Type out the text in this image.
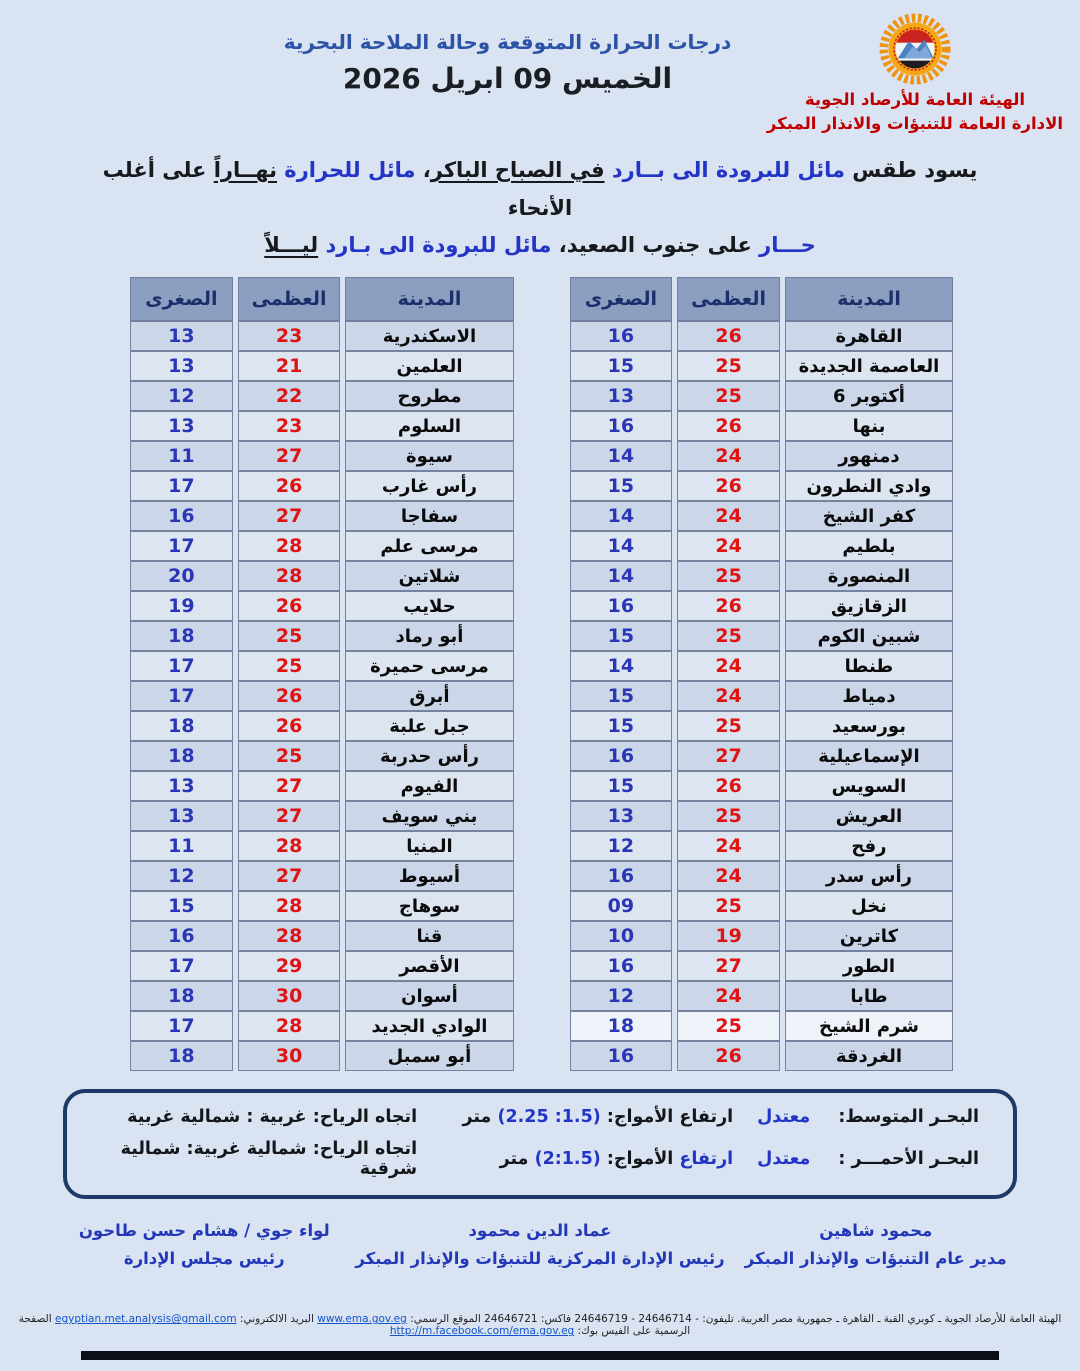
الهيئة العامة للأرصاد الجوية
الادارة العامة للتنبؤات والانذار المبكر
درجات الحرارة المتوقعة وحالة الملاحة البحرية
الخميس 09 ابريل 2026
يسود طقس مائل للبرودة الى بــارد في الصباح الباكر، مائل للحرارة نهــاراً على أغلب الأنحاء
حـــار على جنوب الصعيد، مائل للبرودة الى بـارد ليـــلاً
المدينة	العظمى	الصغرى
القاهرة	26	16
العاصمة الجديدة	25	15
6 أكتوبر	25	13
بنها	26	16
دمنهور	24	14
وادي النطرون	26	15
كفر الشيخ	24	14
بلطيم	24	14
المنصورة	25	14
الزقازيق	26	16
شبين الكوم	25	15
طنطا	24	14
دمياط	24	15
بورسعيد	25	15
الإسماعيلية	27	16
السويس	26	15
العريش	25	13
رفح	24	12
رأس سدر	24	16
نخل	25	09
كاترين	19	10
الطور	27	16
طابا	24	12
شرم الشيخ	25	18
الغردقة	26	16
المدينة	العظمى	الصغرى
الاسكندرية	23	13
العلمين	21	13
مطروح	22	12
السلوم	23	13
سيوة	27	11
رأس غارب	26	17
سفاجا	27	16
مرسى علم	28	17
شلاتين	28	20
حلايب	26	19
أبو رماد	25	18
مرسى حميرة	25	17
أبرق	26	17
جبل علبة	26	18
رأس حدربة	25	18
الفيوم	27	13
بني سويف	27	13
المنيا	28	11
أسيوط	27	12
سوهاج	28	15
قنا	28	16
الأقصر	29	17
أسوان	30	18
الوادي الجديد	28	17
أبو سمبل	30	18
البحـر المتوسط: معتدل
ارتفاع الأمواج: (1.5: 2.25) متر
اتجاه الرياح: غربية : شمالية غربية
البحـر الأحمـــر : معتدل
ارتفاع الأمواج: (2:1.5) متر
اتجاه الرياح: شمالية غربية: شمالية شرقية
محمود شاهين
مدير عام التنبؤات والإنذار المبكر
عماد الدين محمود
رئيس الإدارة المركزية للتنبؤات والإنذار المبكر
لواء جوي / هشام حسن طاحون
رئيس مجلس الإدارة
الهيئة العامة للأرصاد الجوية ـ كوبري القبة ـ القاهرة ـ جمهورية مصر العربية. تليفون: - 24646714 - 24646719 فاكس: 24646721 الموقع الرسمي: www.ema.gov.eg البريد الالكتروني: egyptian.met.analysis@gmail.com الصفحة الرسمية على الفيس بوك: http://m.facebook.com/ema.gov.eg
